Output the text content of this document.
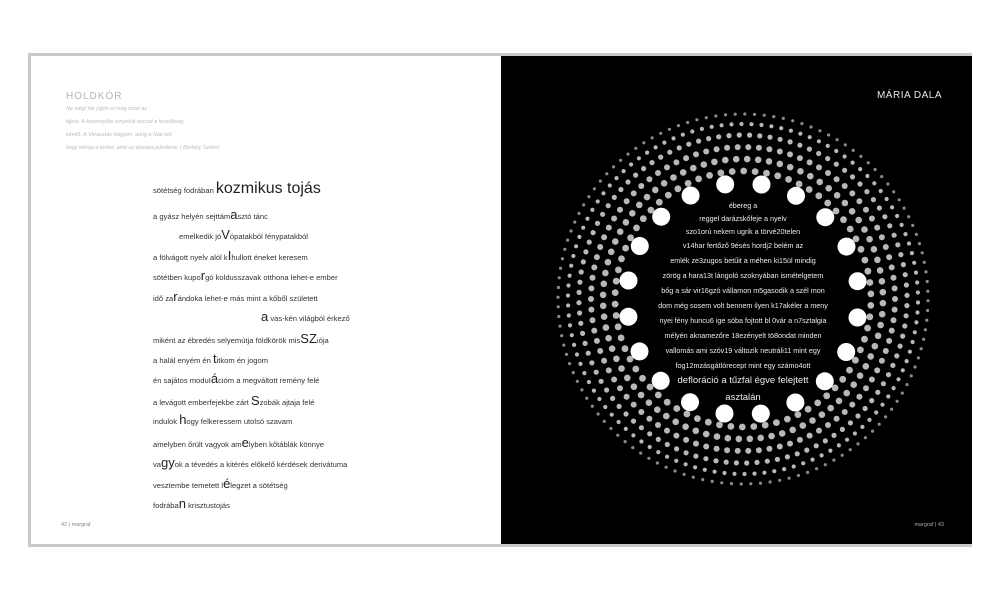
HOLDKÓR
Ne még! Ne jöjjön el még most az
éjjele. A képernyőre árnyékot bocsát a feszültség-
kémlő. A Virrasztás Hegyén, amíg a Nap kél,
hogy elbírja a terhet, amit az éjszaka jelentene. | Borbély Szilárd
sötétség fodrában kozmikus tojás
a gyász helyén sejttámasztó tánc
emelkedik jóVópatakból fénypatakból
a fölvágott nyelv alól kIhullott éneket keresem
sötétben kuporgó koldusszavak otthona lehet-e ember
idő zarándoka lehet-e más mint a kőből született
a vas-kén világból érkező
miként az ébredés selyemútja földkörök misSZiója
a halál enyém én titkom én jogom
én sajátos moduIációm a megváltott remény felé
a levágott emberfejekbe zárt Szobák ajtaja felé
indulok hogy felkeressem utolsó szavam
amelyben őrült vagyok amelyben kőtáblák könnye
vagyok a tévedés a kitérés előkelő kérdések derivátuma
vesztembe temetett lélegzet a sötétség
fodrában krisztustojás
42 | margraf
MÁRIA DALA
ébereg a
reggel darázskőfeje a nyelv
szo1orú nekem ugrik a törvé20telen
v14har fertőző 9ésés hordj2 belém az
emlék ze3zugos betűit a méhen ki15ül mindig
zörög a hara13t lángoló szoknyában ismételgetem
bőg a sár vir16gzó vállamon m5gasodik a szél mon
dom még sosem volt bennem ilyen k17akéler a meny
nyei fény huncu6 ige sóba fojtott bl 0vár a n7sztalgia
mélyén aknamezőre 18ezényelt tö8ondat minden
vallomás ami szóv19 változik neutráli11 mint egy
fog12mzásgátlórecept mint egy számo4ott
defloráció a tűzfal égve felejtett
asztalán
margraf | 43
